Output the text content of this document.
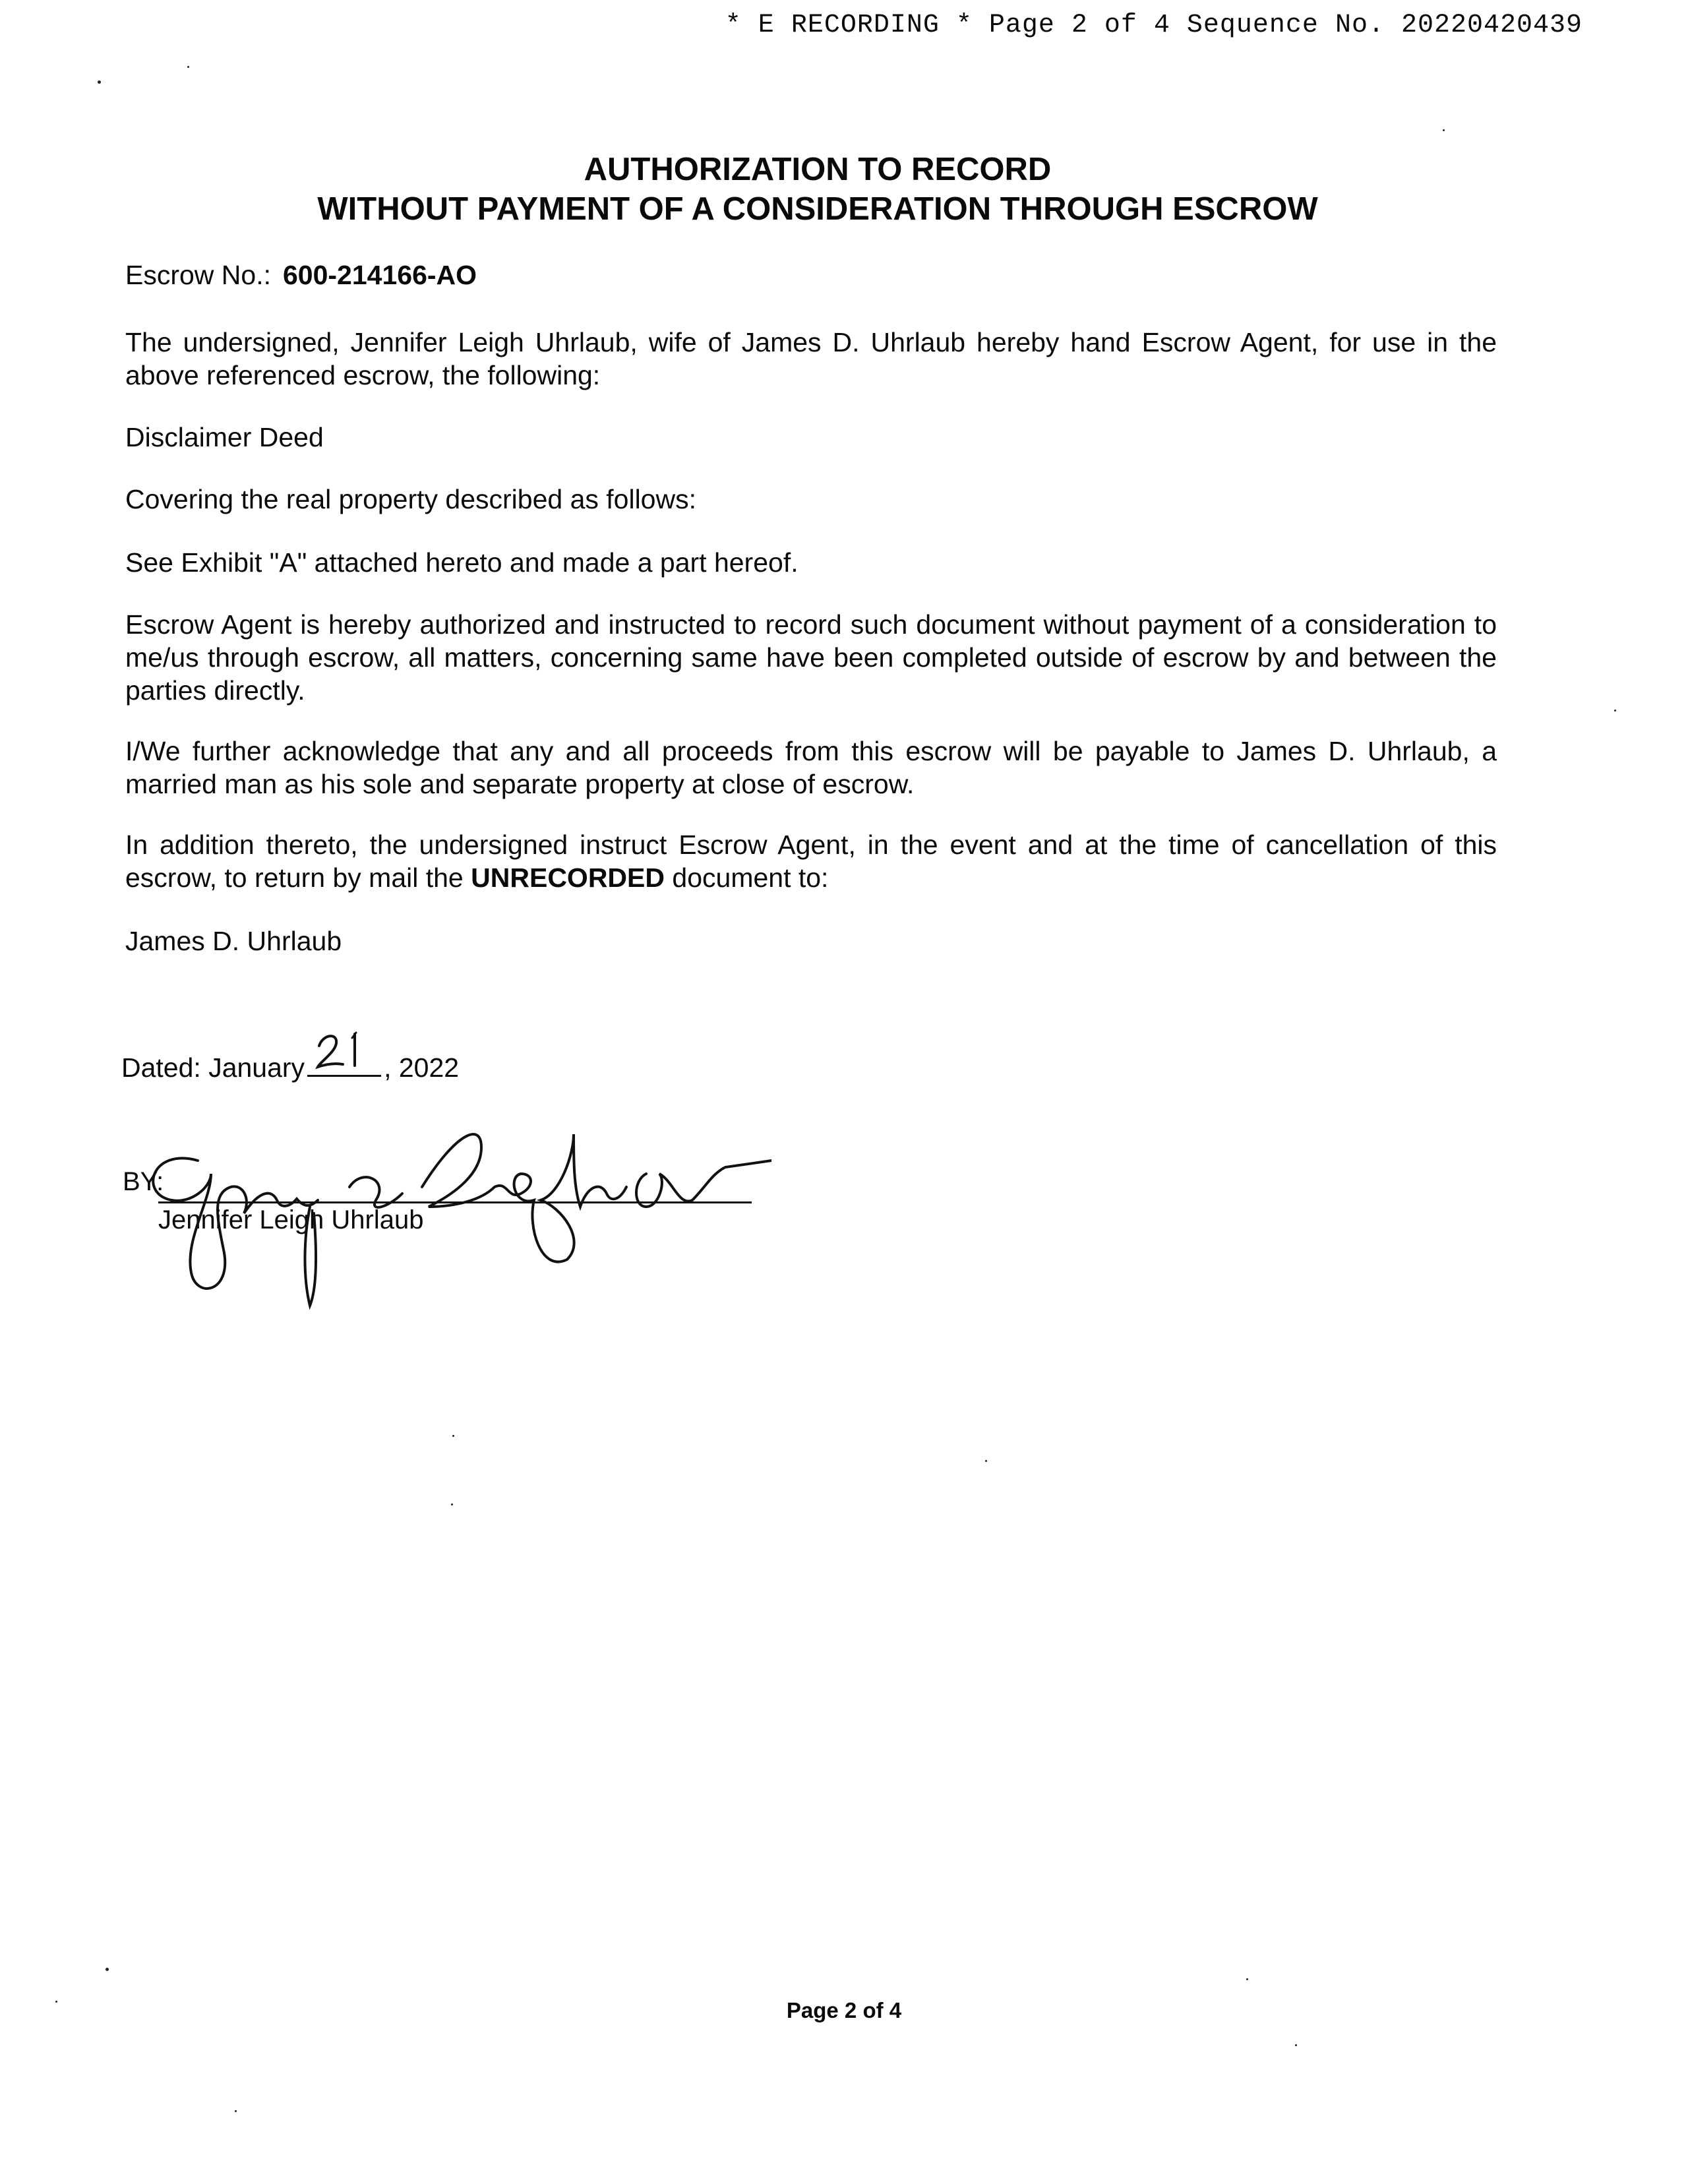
* E RECORDING * Page 2 of 4 Sequence No. 20220420439
AUTHORIZATION TO RECORD
WITHOUT PAYMENT OF A CONSIDERATION THROUGH ESCROW
Escrow No.: 600-214166-AO
The undersigned, Jennifer Leigh Uhrlaub, wife of James D. Uhrlaub hereby hand Escrow Agent, for use in the above referenced escrow, the following:
Disclaimer Deed
Covering the real property described as follows:
See Exhibit "A" attached hereto and made a part hereof.
Escrow Agent is hereby authorized and instructed to record such document without payment of a consideration to me/us through escrow, all matters, concerning same have been completed outside of escrow by and between the parties directly.
I/We further acknowledge that any and all proceeds from this escrow will be payable to James D. Uhrlaub, a married man as his sole and separate property at close of escrow.
In addition thereto, the undersigned instruct Escrow Agent, in the event and at the time of cancellation of this escrow, to return by mail the UNRECORDED document to:
James D. Uhrlaub
Dated: January	, 2022
BY:
Jennifer Leigh Uhrlaub
Page 2 of 4
